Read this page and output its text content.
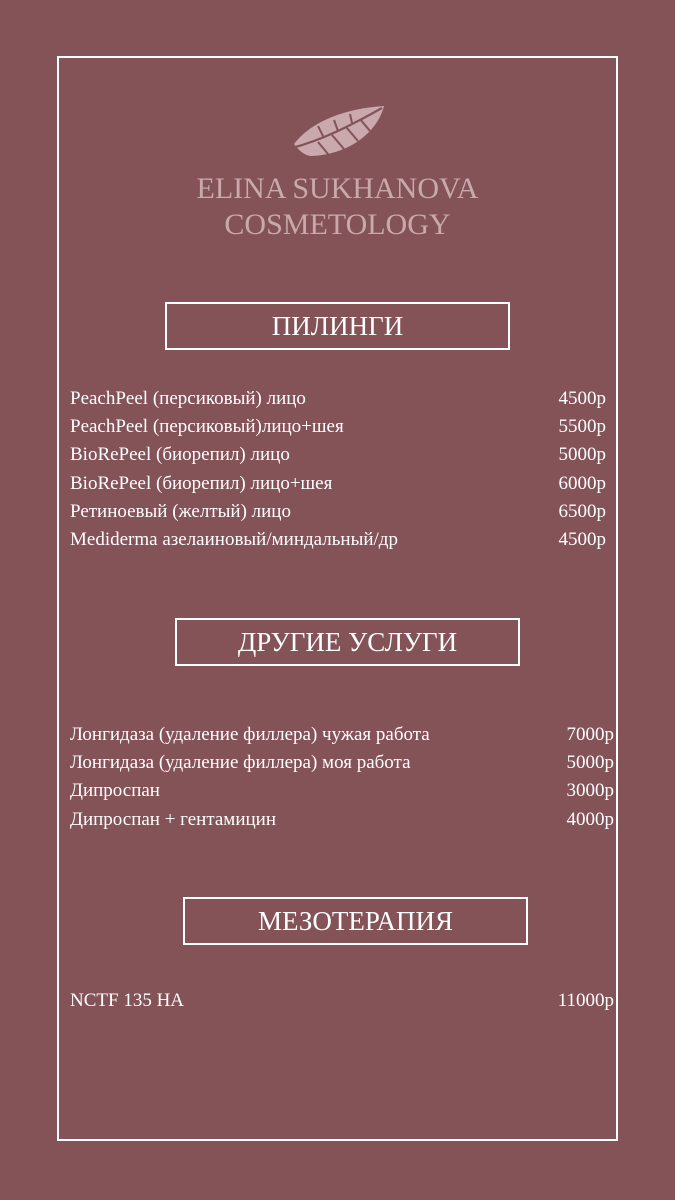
ELINA SUKHANOVA
COSMETOLOGY
ПИЛИНГИ
PeachPeel (персиковый) лицо	4500р
PeachPeel (персиковый)лицо+шея	5500р
BioRePeel (биорепил) лицо	5000р
BioRePeel (биорепил) лицо+шея	6000р
Ретиноевый (желтый) лицо	6500р
Mediderma азелаиновый/миндальный/др	4500р
ДРУГИЕ УСЛУГИ
Лонгидаза (удаление филлера) чужая работа	7000р
Лонгидаза (удаление филлера) моя работа	5000р
Дипроспан	3000р
Дипроспан + гентамицин	4000р
МЕЗОТЕРАПИЯ
NCTF 135 HA	11000р
